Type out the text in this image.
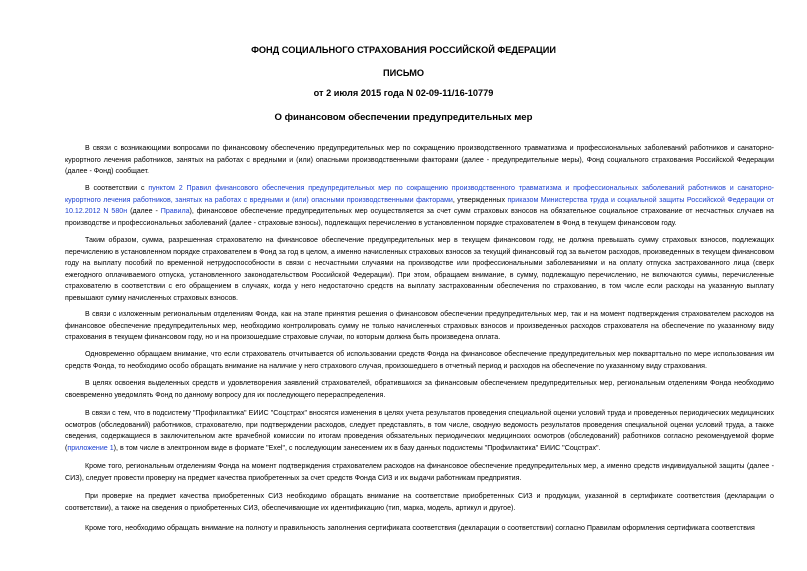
ФОНД СОЦИАЛЬНОГО СТРАХОВАНИЯ РОССИЙСКОЙ ФЕДЕРАЦИИ
ПИСЬМО
от 2 июля 2015 года N 02-09-11/16-10779
О финансовом обеспечении предупредительных мер

В связи с возникающими вопросами по финансовому обеспечению предупредительных мер по сокращению производственного травматизма и профессиональных заболеваний работников и санаторно-курортного лечения работников, занятых на работах с вредными и (или) опасными производственными факторами (далее - предупредительные меры), Фонд социального страхования Российской Федерации (далее - Фонд) сообщает.

В соответствии с пунктом 2 Правил финансового обеспечения предупредительных мер по сокращению производственного травматизма и профессиональных заболеваний работников и санаторно-курортного лечения работников, занятых на работах с вредными и (или) опасными производственными факторами, утвержденных приказом Министерства труда и социальной защиты Российской Федерации от 10.12.2012 N 580н (далее - Правила), финансовое обеспечение предупредительных мер осуществляется за счет сумм страховых взносов на обязательное социальное страхование от несчастных случаев на производстве и профессиональных заболеваний (далее - страховые взносы), подлежащих перечислению в установленном порядке страхователем в Фонд в текущем финансовом году.

Таким образом, сумма, разрешенная страхователю на финансовое обеспечение предупредительных мер в текущем финансовом году, не должна превышать сумму страховых взносов, подлежащих перечислению в установленном порядке страхователем в Фонд за год в целом, а именно начисленных страховых взносов за текущий финансовый год за вычетом расходов, произведенных в текущем финансовом году на выплату пособий по временной нетрудоспособности в связи с несчастными случаями на производстве или профессиональными заболеваниями и на оплату отпуска застрахованного лица (сверх ежегодного оплачиваемого отпуска, установленного законодательством Российской Федерации). При этом, обращаем внимание, в сумму, подлежащую перечислению, не включаются суммы, перечисленные страхователю в соответствии с его обращением в случаях, когда у него недостаточно средств на выплату застрахованным обеспечения по страхованию, в том числе если расходы на указанную выплату превышают сумму начисленных страховых взносов.

В связи с изложенным региональным отделениям Фонда, как на этапе принятия решения о финансовом обеспечении предупредительных мер, так и на момент подтверждения страхователем расходов на финансовое обеспечение предупредительных мер, необходимо контролировать сумму не только начисленных страховых взносов и произведенных расходов страхователя на обеспечение по указанному виду страхования в текущем финансовом году, но и на произошедшие страховые случаи, по которым должна быть произведена оплата.

Одновременно обращаем внимание, что если страхователь отчитывается об использовании средств Фонда на финансовое обеспечение предупредительных мер покварттально по мере использования им средств Фонда, то необходимо особо обращать внимание на наличие у него страхового случая, произошедшего в отчетный период и расходов на обеспечение по указанному виду страхования.

В целях освоения выделенных средств и удовлетворения заявлений страхователей, обратившихся за финансовым обеспечением предупредительных мер, региональным отделениям Фонда необходимо своевременно уведомлять Фонд по данному вопросу для их последующего перераспределения.

В связи с тем, что в подсистему "Профилактика" ЕИИС "Соцстрах" вносятся изменения в целях учета результатов проведения специальной оценки условий труда и проведенных периодических медицинских осмотров (обследований) работников, страхователю, при подтверждении расходов, следует представлять, в том числе, сводную ведомость результатов проведения специальной оценки условий труда, а также сведения, содержащиеся в заключительном акте врачебной комиссии по итогам проведения обязательных периодических медицинских осмотров (обследований) работников согласно рекомендуемой форме (приложение 1), в том числе в электронном виде в формате "Exel", с последующим занесением их в базу данных подсистемы "Профилактика" ЕИИС "Соцстрах".

Кроме того, региональным отделениям Фонда на момент подтверждения страхователем расходов на финансовое обеспечение предупредительных мер, а именно средств индивидуальной защиты (далее - СИЗ), следует провести проверку на предмет качества приобретенных за счет средств Фонда СИЗ и их выдачи работникам предприятия.

При проверке на предмет качества приобретенных СИЗ необходимо обращать внимание на соответствие приобретенных СИЗ и продукции, указанной в сертификате соответствия (декларации о соответствии), а также на сведения о приобретенных СИЗ, обеспечивающие их идентификацию (тип, марка, модель, артикул и другое).

Кроме того, необходимо обращать внимание на полноту и правильность заполнения сертификата соответствия (декларации о соответствии) согласно Правилам оформления сертификата соответствия
